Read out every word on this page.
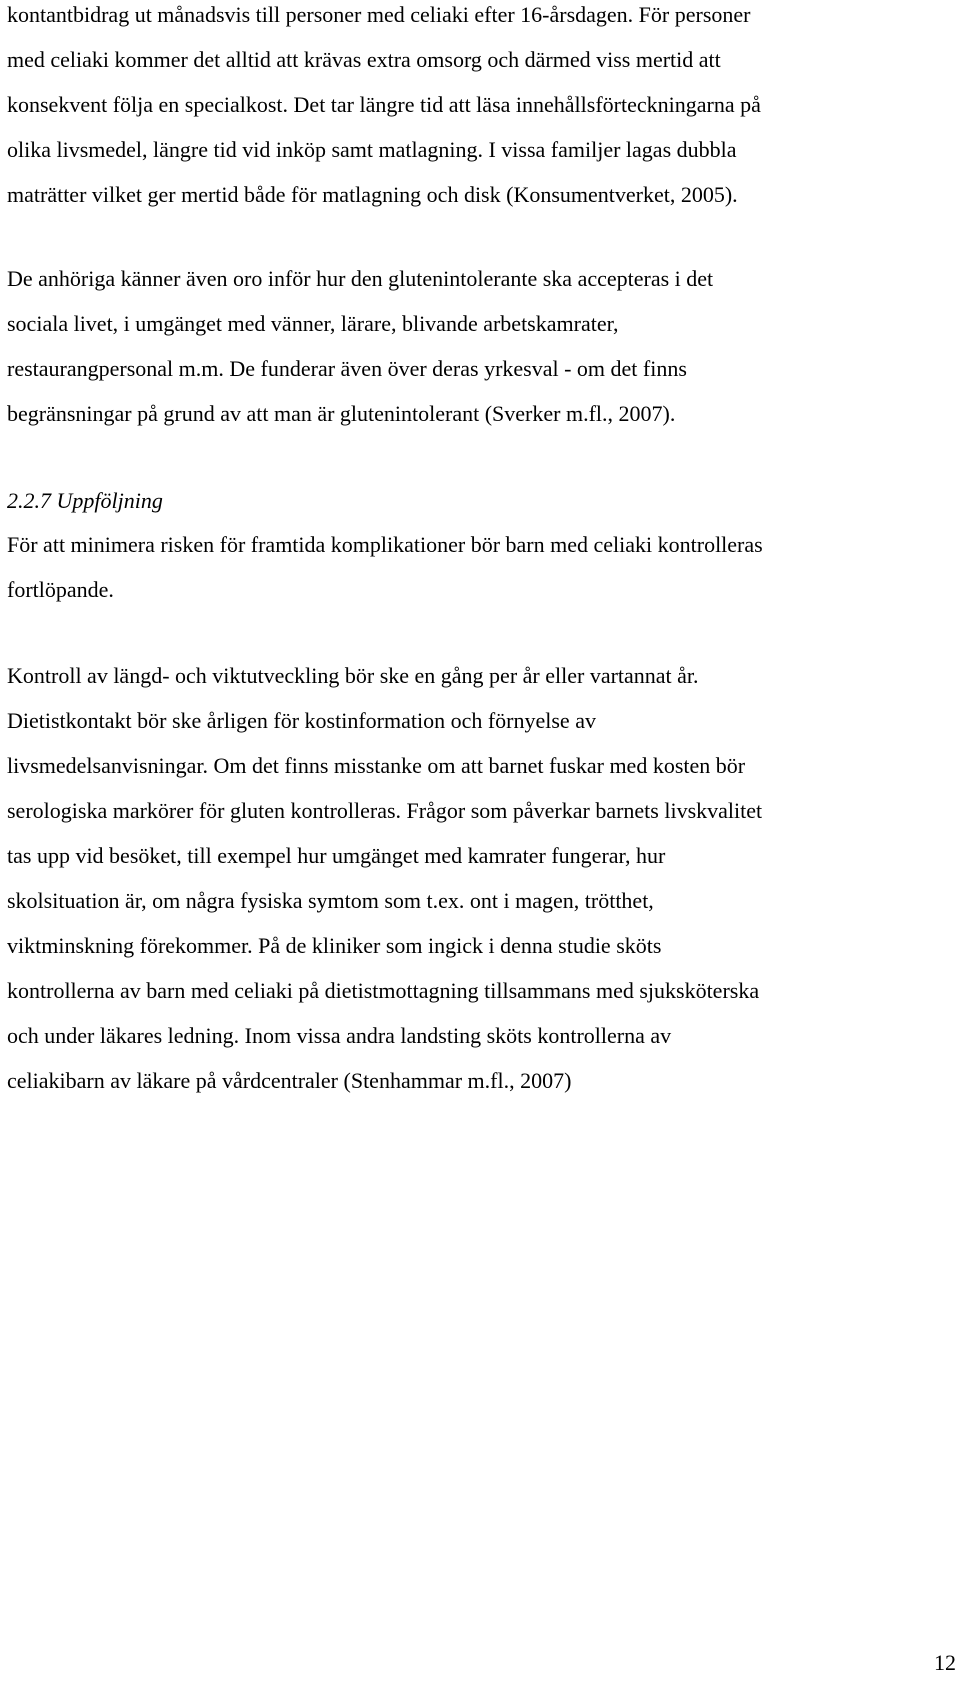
kontantbidrag ut månadsvis till personer med celiaki efter 16-årsdagen. För personer
med celiaki kommer det alltid att krävas extra omsorg och därmed viss mertid att
konsekvent följa en specialkost. Det tar längre tid att läsa innehållsförteckningarna på
olika livsmedel, längre tid vid inköp samt matlagning. I vissa familjer lagas dubbla
maträtter vilket ger mertid både för matlagning och disk (Konsumentverket, 2005).
De anhöriga känner även oro inför hur den glutenintolerante ska accepteras i det
sociala livet, i umgänget med vänner, lärare, blivande arbetskamrater,
restaurangpersonal m.m. De funderar även över deras yrkesval - om det finns
begränsningar på grund av att man är glutenintolerant (Sverker m.fl., 2007).
2.2.7 Uppföljning
För att minimera risken för framtida komplikationer bör barn med celiaki kontrolleras
fortlöpande.
Kontroll av längd- och viktutveckling bör ske en gång per år eller vartannat år.
Dietistkontakt bör ske årligen för kostinformation och förnyelse av
livsmedelsanvisningar. Om det finns misstanke om att barnet fuskar med kosten bör
serologiska markörer för gluten kontrolleras. Frågor som påverkar barnets livskvalitet
tas upp vid besöket, till exempel hur umgänget med kamrater fungerar, hur
skolsituation är, om några fysiska symtom som t.ex. ont i magen, trötthet,
viktminskning förekommer. På de kliniker som ingick i denna studie sköts
kontrollerna av barn med celiaki på dietistmottagning tillsammans med sjuksköterska
och under läkares ledning. Inom vissa andra landsting sköts kontrollerna av
celiakibarn av läkare på vårdcentraler (Stenhammar m.fl., 2007)
12
